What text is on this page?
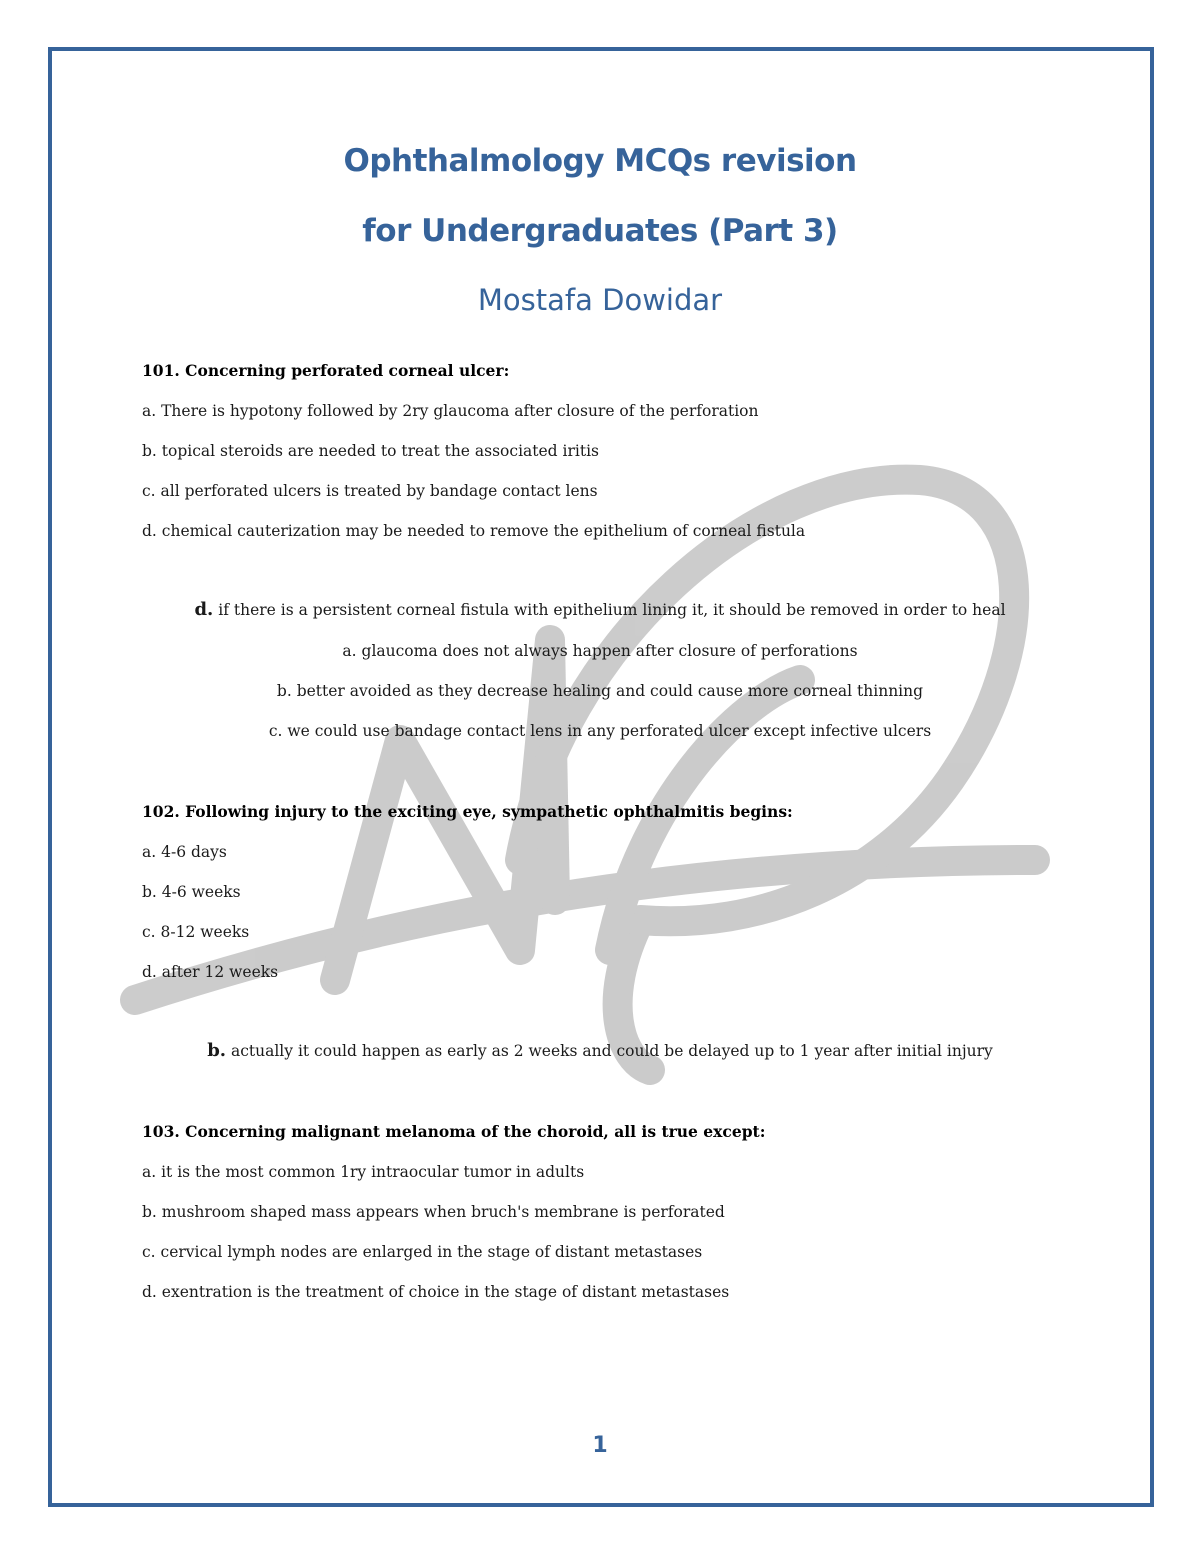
Ophthalmology MCQs revision
for Undergraduates (Part 3)
Mostafa Dowidar
101. Concerning perforated corneal ulcer:
a. There is hypotony followed by 2ry glaucoma after closure of the perforation
b. topical steroids are needed to treat the associated iritis
c. all perforated ulcers is treated by bandage contact lens
d. chemical cauterization may be needed to remove the epithelium of corneal fistula
d. if there is a persistent corneal fistula with epithelium lining it, it should be removed in order to heal
a. glaucoma does not always happen after closure of perforations
b. better avoided as they decrease healing and could cause more corneal thinning
c. we could use bandage contact lens in any perforated ulcer except infective ulcers
102. Following injury to the exciting eye, sympathetic ophthalmitis begins:
a. 4-6 days
b. 4-6 weeks
c. 8-12 weeks
d. after 12 weeks
b. actually it could happen as early as 2 weeks and could be delayed up to 1 year after initial injury
103. Concerning malignant melanoma of the choroid, all is true except:
a. it is the most common 1ry intraocular tumor in adults
b. mushroom shaped mass appears when bruch's membrane is perforated
c. cervical lymph nodes are enlarged in the stage of distant metastases
d. exentration is the treatment of choice in the stage of distant metastases
1
